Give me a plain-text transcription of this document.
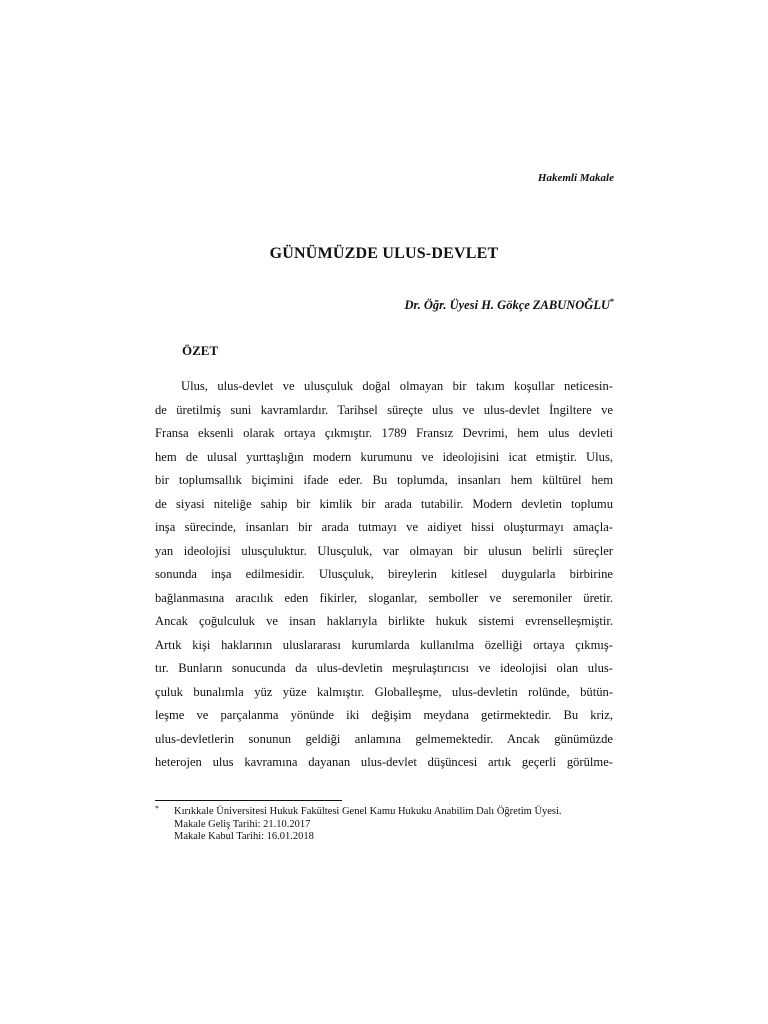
Hakemli Makale
GÜNÜMÜZDE ULUS-DEVLET
Dr. Öğr. Üyesi H. Gökçe ZABUNOĞLU*
ÖZET
Ulus, ulus-devlet ve ulusçuluk doğal olmayan bir takım koşullar neticesin-
de üretilmiş suni kavramlardır. Tarihsel süreçte ulus ve ulus-devlet İngiltere ve
Fransa eksenli olarak ortaya çıkmıştır. 1789 Fransız Devrimi, hem ulus devleti
hem de ulusal yurttaşlığın modern kurumunu ve ideolojisini icat etmiştir. Ulus,
bir toplumsallık biçimini ifade eder. Bu toplumda, insanları hem kültürel hem
de siyasi niteliğe sahip bir kimlik bir arada tutabilir. Modern devletin toplumu
inşa sürecinde, insanları bir arada tutmayı ve aidiyet hissi oluşturmayı amaçla-
yan ideolojisi ulusçuluktur. Ulusçuluk, var olmayan bir ulusun belirli süreçler
sonunda inşa edilmesidir. Ulusçuluk, bireylerin kitlesel duygularla birbirine
bağlanmasına aracılık eden fikirler, sloganlar, semboller ve seremoniler üretir.
Ancak çoğulculuk ve insan haklarıyla birlikte hukuk sistemi evrenselleşmiştir.
Artık kişi haklarının uluslararası kurumlarda kullanılma özelliği ortaya çıkmış-
tır. Bunların sonucunda da ulus-devletin meşrulaştırıcısı ve ideolojisi olan ulus-
çuluk bunalımla yüz yüze kalmıştır. Globalleşme, ulus-devletin rolünde, bütün-
leşme ve parçalanma yönünde iki değişim meydana getirmektedir. Bu kriz,
ulus-devletlerin sonunun geldiği anlamına gelmemektedir. Ancak günümüzde
heterojen ulus kavramına dayanan ulus-devlet düşüncesi artık geçerli görülme-
* Kırıkkale Üniversitesi Hukuk Fakültesi Genel Kamu Hukuku Anabilim Dalı Öğretim Üyesi.
Makale Geliş Tarihi: 21.10.2017
Makale Kabul Tarihi: 16.01.2018
